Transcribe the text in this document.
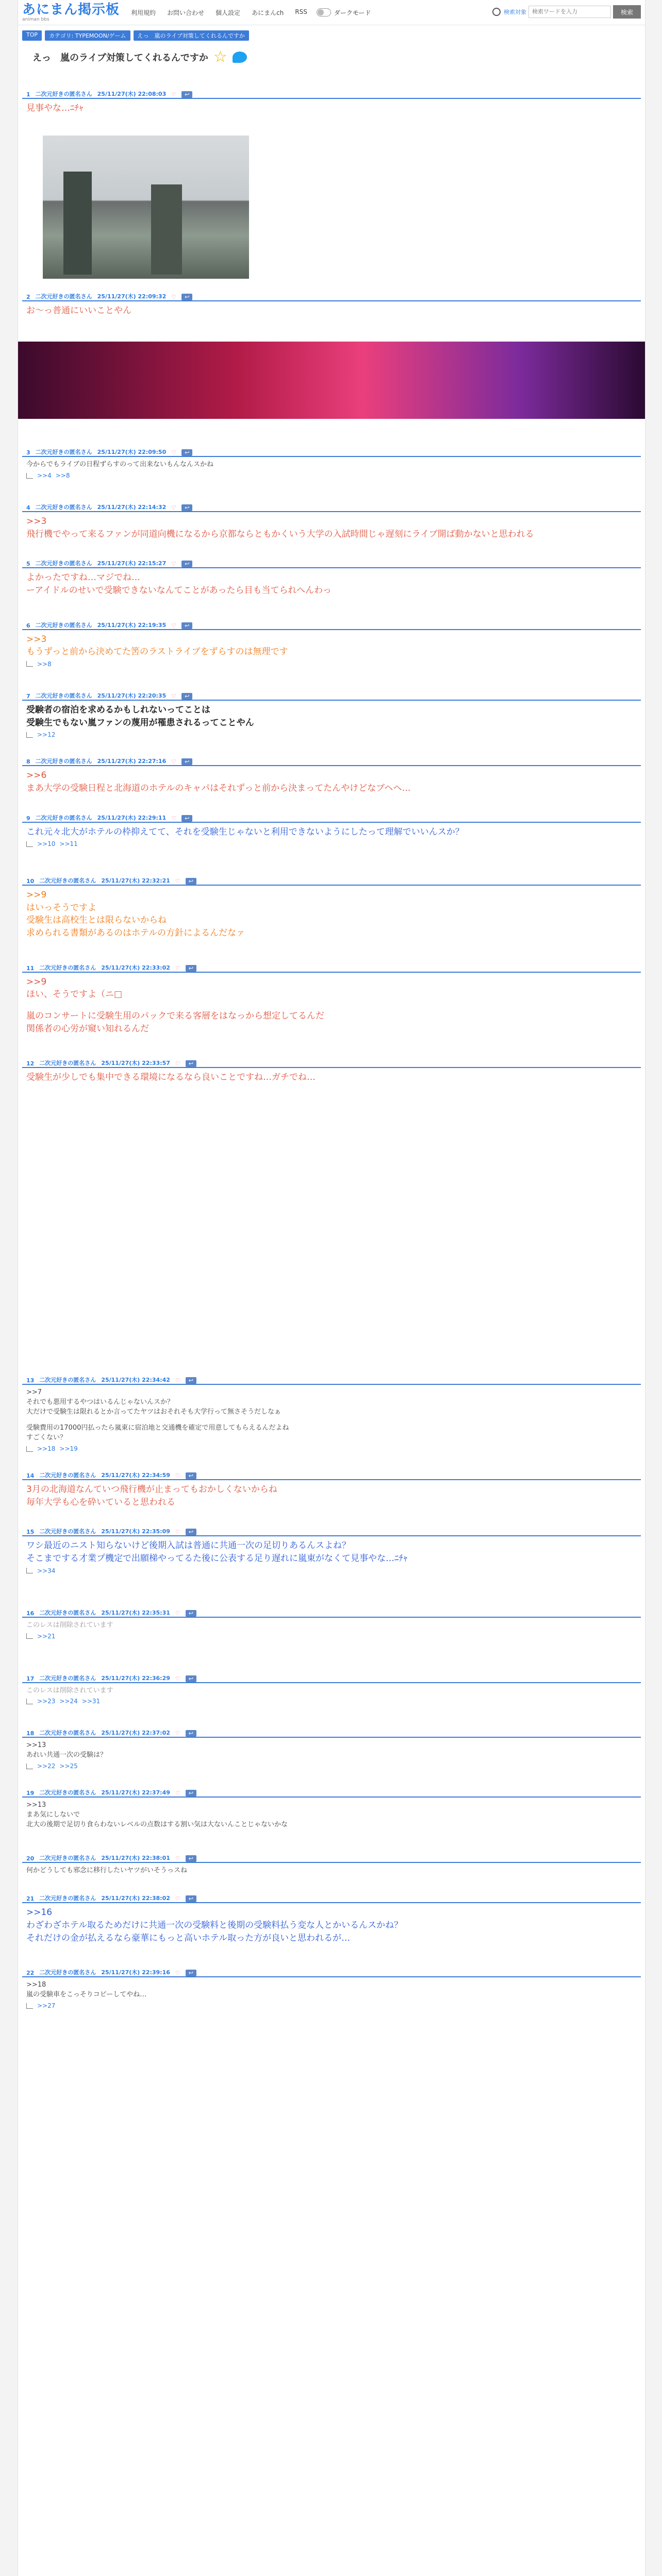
あにまん掲示板
animan bbs
利用規約 お問い合わせ 個人設定 あにまんch RSS	ダークモード	検索対象
検索ワードを入力	検索
TOP	カテゴリ: TYPEMOON/ゲーム	えっ　嵐のライブ対策してくれるんですか
えっ　嵐のライブ対策してくれるんですか ☆
1 二次元好きの匿名さん 25/11/27(木) 22:08:03 ♡	↩
見事やな…ﾆﾁｬ
2 二次元好きの匿名さん 25/11/27(木) 22:09:32 ♡	↩
お～っ普通にいいことやん
3 二次元好きの匿名さん 25/11/27(木) 22:09:50 ♡	↩
今からでもライブの日程ずらすのって出来ないもんなんスかね
>>4 >>8
4 二次元好きの匿名さん 25/11/27(木) 22:14:32 ♡	↩
>>3
飛行機でやって来るファンが同道向機になるから京都ならともかくいう大学の入試時間じゃ遅刻にライブ開ば動かないと思われる
5 二次元好きの匿名さん 25/11/27(木) 22:15:27 ♡	↩
よかったですね…マジでね…
ーアイドルのせいで受験できないなんてことがあったら目も当てられへんわっ
6 二次元好きの匿名さん 25/11/27(木) 22:19:35 ♡	↩
>>3
もうずっと前から決めてた筈のラストライブをずらすのは無理です
>>8
7 二次元好きの匿名さん 25/11/27(木) 22:20:35 ♡	↩
受験者の宿泊を求めるかもしれないってことは
受験生でもない嵐ファンの蔑用が罹患されるってことやん
>>12
8 二次元好きの匿名さん 25/11/27(木) 22:27:16 ♡	↩
>>6
まあ大学の受験日程と北海道のホテルのキャパはそれずっと前から決まってたんやけどなブヘヘ…
9 二次元好きの匿名さん 25/11/27(木) 22:29:11 ♡	↩
これ元々北大がホテルの枠抑えてて、それを受験生じゃないと利用できないようにしたって理解でいいんスか？
>>10 >>11
10 二次元好きの匿名さん 25/11/27(木) 22:32:21 ♡	↩
>>9
はいっそうですよ
受験生は高校生とは限らないからね
求められる書類があるのはホテルの方針によるんだなァ
11 二次元好きの匿名さん 25/11/27(木) 22:33:02 ♡	↩
>>9
ほい、そうですよ（ニ□
嵐のコンサートに受験生用のパックで来る客層をはなっから想定してるんだ
関係者の心労が窺い知れるんだ
12 二次元好きの匿名さん 25/11/27(木) 22:33:57 ♡	↩
受験生が少しでも集中できる環境になるなら良いことですね…ガチでね…
13 二次元好きの匿名さん 25/11/27(木) 22:34:42 ♡	↩
>>7
それでも悪用するやつはいるんじゃないんスか？
大だけで受験生は限れるとか言ってたヤツはおそれそも大学行って無さそうだしなぁ
受験費用の17000円払ったら嵐東に宿泊地と交通機を確定で用意してもらえるんだよね
すごくない？
>>18 >>19
14 二次元好きの匿名さん 25/11/27(木) 22:34:59 ♡	↩
3月の北海道なんていつ飛行機が止まってもおかしくないからね
毎年大学も心を砕いていると思われる
15 二次元好きの匿名さん 25/11/27(木) 22:35:09 ♡	↩
ワシ最近のニスト知らないけど後期入試は普通に共通一次の足切りあるんスよね？
そこまでする才業プ機定で出願梯やってるた後に公表する足り遅れに嵐東がなくて見事やな…ﾆﾁｬ
>>34
16 二次元好きの匿名さん 25/11/27(木) 22:35:31 ♡	↩
このレスは削除されています
>>21
17 二次元好きの匿名さん 25/11/27(木) 22:36:29 ♡	↩
このレスは削除されています
>>23 >>24 >>31
18 二次元好きの匿名さん 25/11/27(木) 22:37:02 ♡	↩
>>13
あれい共通一次の受験は？
>>22 >>25
19 二次元好きの匿名さん 25/11/27(木) 22:37:49 ♡	↩
>>13
まあ気にしないで
北大の後期で足切り食らわないレベルの点数はする割い気は大ないんことじゃないかな
20 二次元好きの匿名さん 25/11/27(木) 22:38:01 ♡	↩
何かどうしても邪念に移行したいヤツがいそうっスね
21 二次元好きの匿名さん 25/11/27(木) 22:38:02 ♡	↩
>>16
わざわざホテル取るためだけに共通一次の受験料と後期の受験料払う変な人とかいるんスかね？
それだけの金が払えるなら豪華にもっと高いホテル取った方が良いと思われるが…
22 二次元好きの匿名さん 25/11/27(木) 22:39:16 ♡	↩
>>18
嵐の受験車をこっそりコピーしてやね…
>>27
